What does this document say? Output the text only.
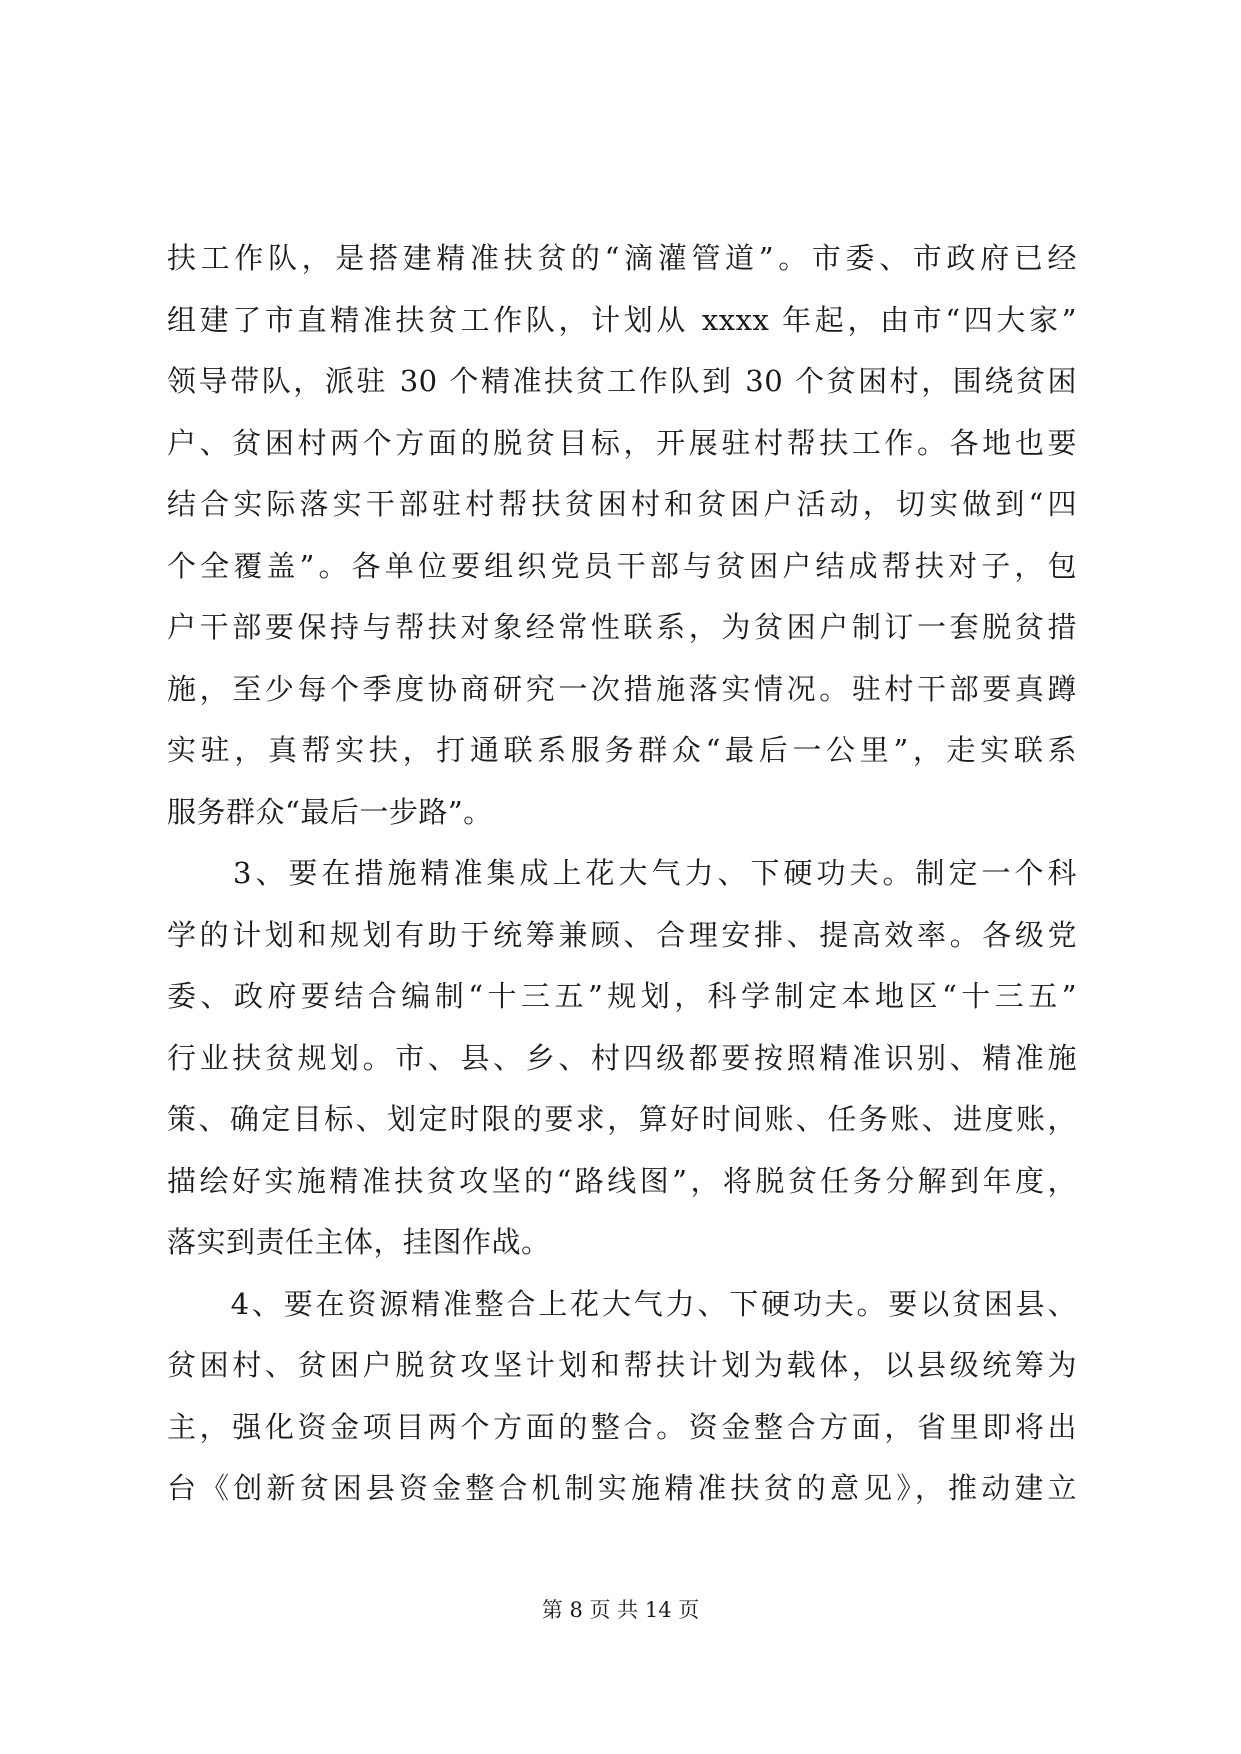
扶工作队，是搭建精准扶贫的“滴灌管道”。市委、市政府已经
组建了市直精准扶贫工作队，计划从 xxxx 年起，由市“四大家”
领导带队，派驻 30 个精准扶贫工作队到 30 个贫困村，围绕贫困
户、贫困村两个方面的脱贫目标，开展驻村帮扶工作。各地也要
结合实际落实干部驻村帮扶贫困村和贫困户活动，切实做到“四
个全覆盖”。各单位要组织党员干部与贫困户结成帮扶对子，包
户干部要保持与帮扶对象经常性联系，为贫困户制订一套脱贫措
施，至少每个季度协商研究一次措施落实情况。驻村干部要真蹲
实驻，真帮实扶，打通联系服务群众“最后一公里”，走实联系
服务群众“最后一步路”。
　　3、要在措施精准集成上花大气力、下硬功夫。制定一个科
学的计划和规划有助于统筹兼顾、合理安排、提高效率。各级党
委、政府要结合编制“十三五”规划，科学制定本地区“十三五”
行业扶贫规划。市、县、乡、村四级都要按照精准识别、精准施
策、确定目标、划定时限的要求，算好时间账、任务账、进度账，
描绘好实施精准扶贫攻坚的“路线图”，将脱贫任务分解到年度，
落实到责任主体，挂图作战。
　　4、要在资源精准整合上花大气力、下硬功夫。要以贫困县、
贫困村、贫困户脱贫攻坚计划和帮扶计划为载体，以县级统筹为
主，强化资金项目两个方面的整合。资金整合方面，省里即将出
台《创新贫困县资金整合机制实施精准扶贫的意见》，推动建立
第 8 页 共 14 页
